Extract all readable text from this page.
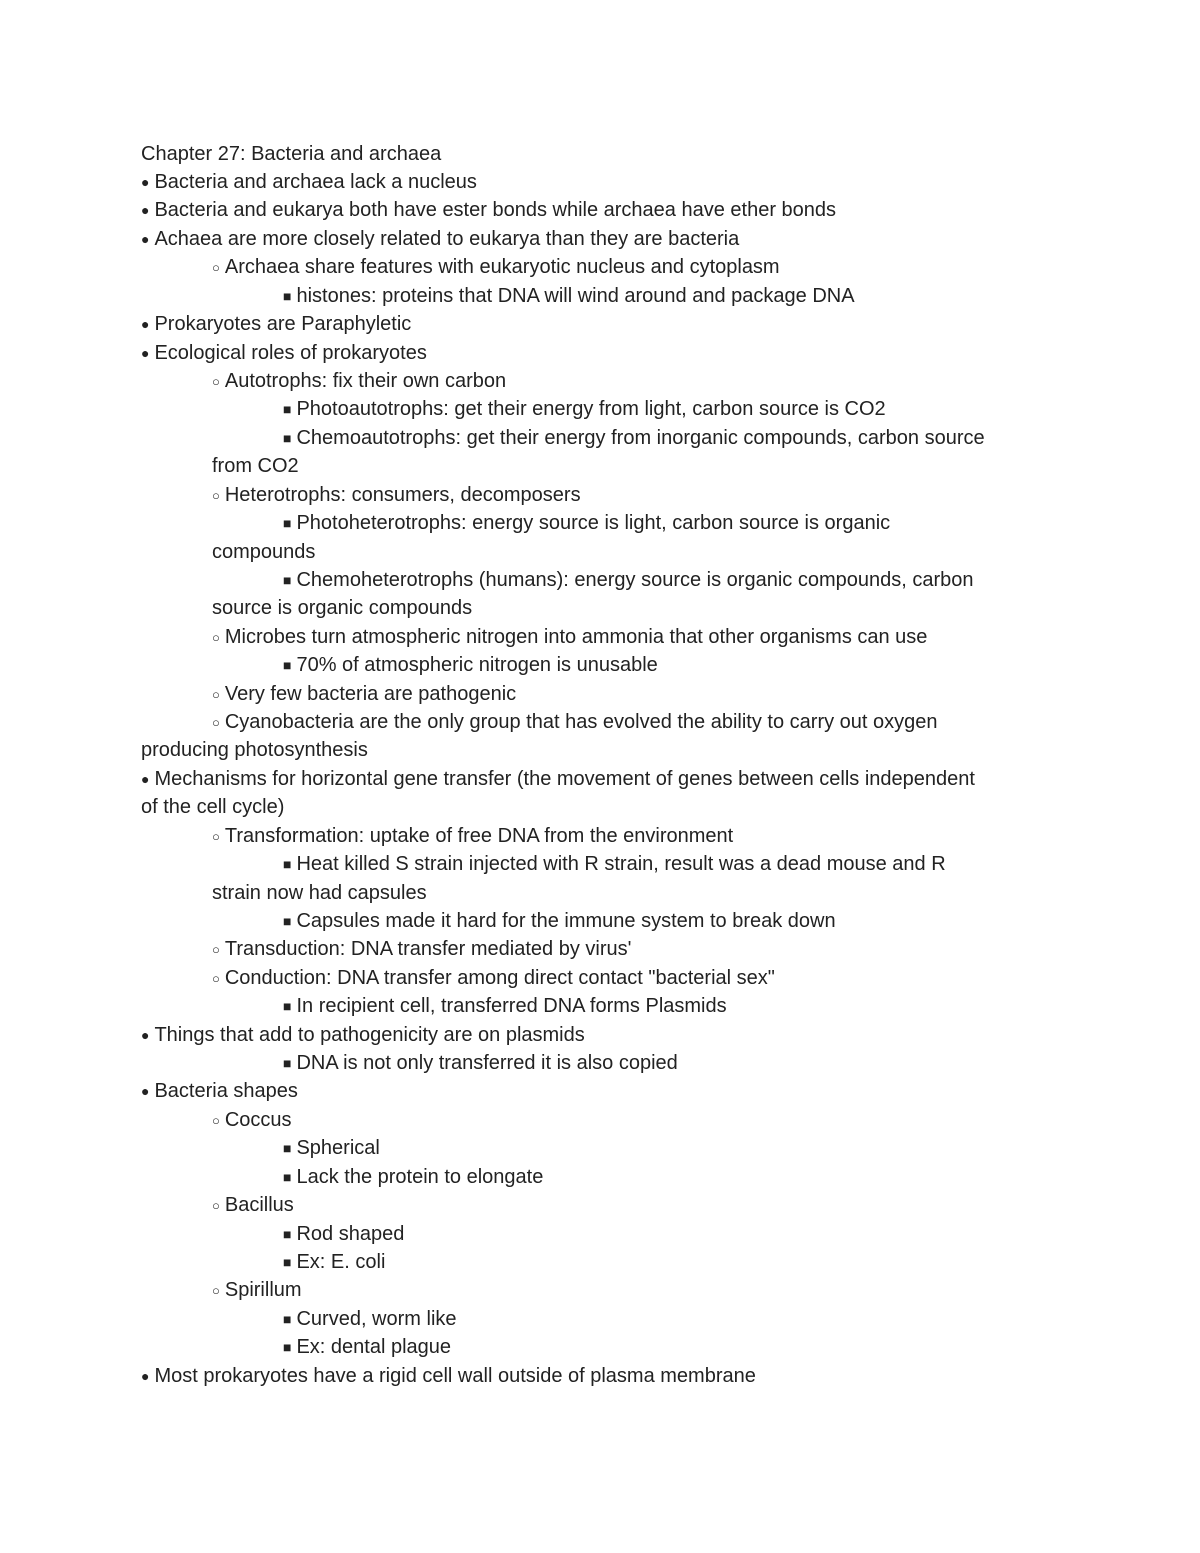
Chapter 27: Bacteria and archaea
● Bacteria and archaea lack a nucleus
● Bacteria and eukarya both have ester bonds while archaea have ether bonds
● Achaea are more closely related to eukarya than they are bacteria
○ Archaea share features with eukaryotic nucleus and cytoplasm
■ histones: proteins that DNA will wind around and package DNA
● Prokaryotes are Paraphyletic
● Ecological roles of prokaryotes
○ Autotrophs: fix their own carbon
■ Photoautotrophs: get their energy from light, carbon source is CO2
■ Chemoautotrophs: get their energy from inorganic compounds, carbon source
from CO2
○ Heterotrophs: consumers, decomposers
■ Photoheterotrophs: energy source is light, carbon source is organic
compounds
■ Chemoheterotrophs (humans): energy source is organic compounds, carbon
source is organic compounds
○ Microbes turn atmospheric nitrogen into ammonia that other organisms can use
■ 70% of atmospheric nitrogen is unusable
○ Very few bacteria are pathogenic
○ Cyanobacteria are the only group that has evolved the ability to carry out oxygen
producing photosynthesis
● Mechanisms for horizontal gene transfer (the movement of genes between cells independent
of the cell cycle)
○ Transformation: uptake of free DNA from the environment
■ Heat killed S strain injected with R strain, result was a dead mouse and R
strain now had capsules
■ Capsules made it hard for the immune system to break down
○ Transduction: DNA transfer mediated by virus'
○ Conduction: DNA transfer among direct contact "bacterial sex"
■ In recipient cell, transferred DNA forms Plasmids
● Things that add to pathogenicity are on plasmids
■ DNA is not only transferred it is also copied
● Bacteria shapes
○ Coccus
■ Spherical
■ Lack the protein to elongate
○ Bacillus
■ Rod shaped
■ Ex: E. coli
○ Spirillum
■ Curved, worm like
■ Ex: dental plague
● Most prokaryotes have a rigid cell wall outside of plasma membrane
